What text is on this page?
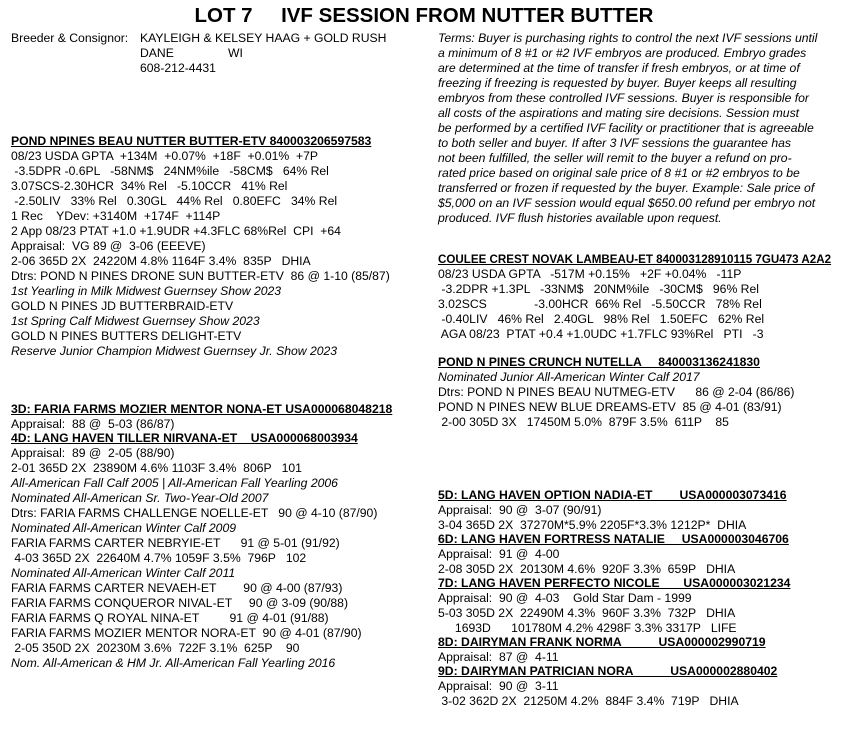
LOT 7     IVF SESSION FROM NUTTER BUTTER
Breeder & Consignor: KAYLEIGH & KELSEY HAAG + GOLD RUSH
DANE	WI
608-212-4431
Terms: Buyer is purchasing rights to control the next IVF sessions until
a minimum of 8 #1 or #2 IVF embryos are produced. Embryo grades
are determined at the time of transfer if fresh embryos, or at time of
freezing if freezing is requested by buyer. Buyer keeps all resulting
embryos from these controlled IVF sessions. Buyer is responsible for
all costs of the aspirations and mating sire decisions. Session must
be performed by a certified IVF facility or practitioner that is agreeable
to both seller and buyer. If after 3 IVF sessions the guarantee has
not been fulfilled, the seller will remit to the buyer a refund on pro-
rated price based on original sale price of 8 #1 or #2 embryos to be
transferred or frozen if requested by the buyer. Example: Sale price of
$5,000 on an IVF session would equal $650.00 refund per embryo not
produced. IVF flush histories available upon request.
POND NPINES BEAU NUTTER BUTTER-ETV 840003206597583
08/23 USDA GPTA  +134M  +0.07%  +18F  +0.01%  +7P
-3.5DPR -0.6PL   -58NM$   24NM%ile   -58CM$   64% Rel
3.07SCS-2.30HCR  34% Rel   -5.10CCR   41% Rel
-2.50LIV   33% Rel   0.30GL   44% Rel   0.80EFC   34% Rel
1 Rec    YDev: +3140M  +174F  +114P
2 App 08/23 PTAT +1.0 +1.9UDR +4.3FLC 68%Rel  CPI  +64
Appraisal:  VG 89 @  3-06 (EEEVE)
2-06 365D 2X  24220M 4.8% 1164F 3.4%  835P   DHIA
Dtrs: POND N PINES DRONE SUN BUTTER-ETV  86 @ 1-10 (85/87)
1st Yearling in Milk Midwest Guernsey Show 2023
GOLD N PINES JD BUTTERBRAID-ETV
1st Spring Calf Midwest Guernsey Show 2023
GOLD N PINES BUTTERS DELIGHT-ETV
Reserve Junior Champion Midwest Guernsey Jr. Show 2023
3D: FARIA FARMS MOZIER MENTOR NONA-ET USA000068048218
Appraisal:  88 @  5-03 (86/87)
4D: LANG HAVEN TILLER NIRVANA-ET    USA000068003934
Appraisal:  89 @  2-05 (88/90)
2-01 365D 2X  23890M 4.6% 1103F 3.4%  806P   101
All-American Fall Calf 2005 | All-American Fall Yearling 2006
Nominated All-American Sr. Two-Year-Old 2007
Dtrs: FARIA FARMS CHALLENGE NOELLE-ET   90 @ 4-10 (87/90)
Nominated All-American Winter Calf 2009
FARIA FARMS CARTER NEBRYIE-ET      91 @ 5-01 (91/92)
4-03 365D 2X  22640M 4.7% 1059F 3.5%  796P   102
Nominated All-American Winter Calf 2011
FARIA FARMS CARTER NEVAEH-ET        90 @ 4-00 (87/93)
FARIA FARMS CONQUEROR NIVAL-ET     90 @ 3-09 (90/88)
FARIA FARMS Q ROYAL NINA-ET         91 @ 4-01 (91/88)
FARIA FARMS MOZIER MENTOR NORA-ET  90 @ 4-01 (87/90)
2-05 350D 2X  20230M 3.6%  722F 3.1%  625P    90
Nom. All-American & HM Jr. All-American Fall Yearling 2016
COULEE CREST NOVAK LAMBEAU-ET 840003128910115 7GU473 A2A2
08/23 USDA GPTA   -517M +0.15%   +2F +0.04%   -11P
-3.2DPR +1.3PL   -33NM$   20NM%ile   -30CM$   96% Rel
3.02SCS              -3.00HCR  66% Rel   -5.50CCR   78% Rel
-0.40LIV   46% Rel   2.40GL   98% Rel   1.50EFC   62% Rel
AGA 08/23  PTAT +0.4 +1.0UDC +1.7FLC 93%Rel   PTI   -3
POND N PINES CRUNCH NUTELLA     840003136241830
Nominated Junior All-American Winter Calf 2017
Dtrs: POND N PINES BEAU NUTMEG-ETV      86 @ 2-04 (86/86)
POND N PINES NEW BLUE DREAMS-ETV  85 @ 4-01 (83/91)
2-00 305D 3X   17450M 5.0%  879F 3.5%  611P    85
5D: LANG HAVEN OPTION NADIA-ET        USA000003073416
Appraisal:  90 @  3-07 (90/91)
3-04 365D 2X  37270M*5.9% 2205F*3.3% 1212P*  DHIA
6D: LANG HAVEN FORTRESS NATALIE     USA000003046706
Appraisal:  91 @  4-00
2-08 305D 2X  20130M 4.6%  920F 3.3%  659P   DHIA
7D: LANG HAVEN PERFECTO NICOLE       USA000003021234
Appraisal:  90 @  4-03    Gold Star Dam - 1999
5-03 305D 2X  22490M 4.3%  960F 3.3%  732P   DHIA
1693D      101780M 4.2% 4298F 3.3% 3317P   LIFE
8D: DAIRYMAN FRANK NORMA           USA000002990719
Appraisal:  87 @  4-11
9D: DAIRYMAN PATRICIAN NORA           USA000002880402
Appraisal:  90 @  3-11
3-02 362D 2X  21250M 4.2%  884F 3.4%  719P   DHIA
